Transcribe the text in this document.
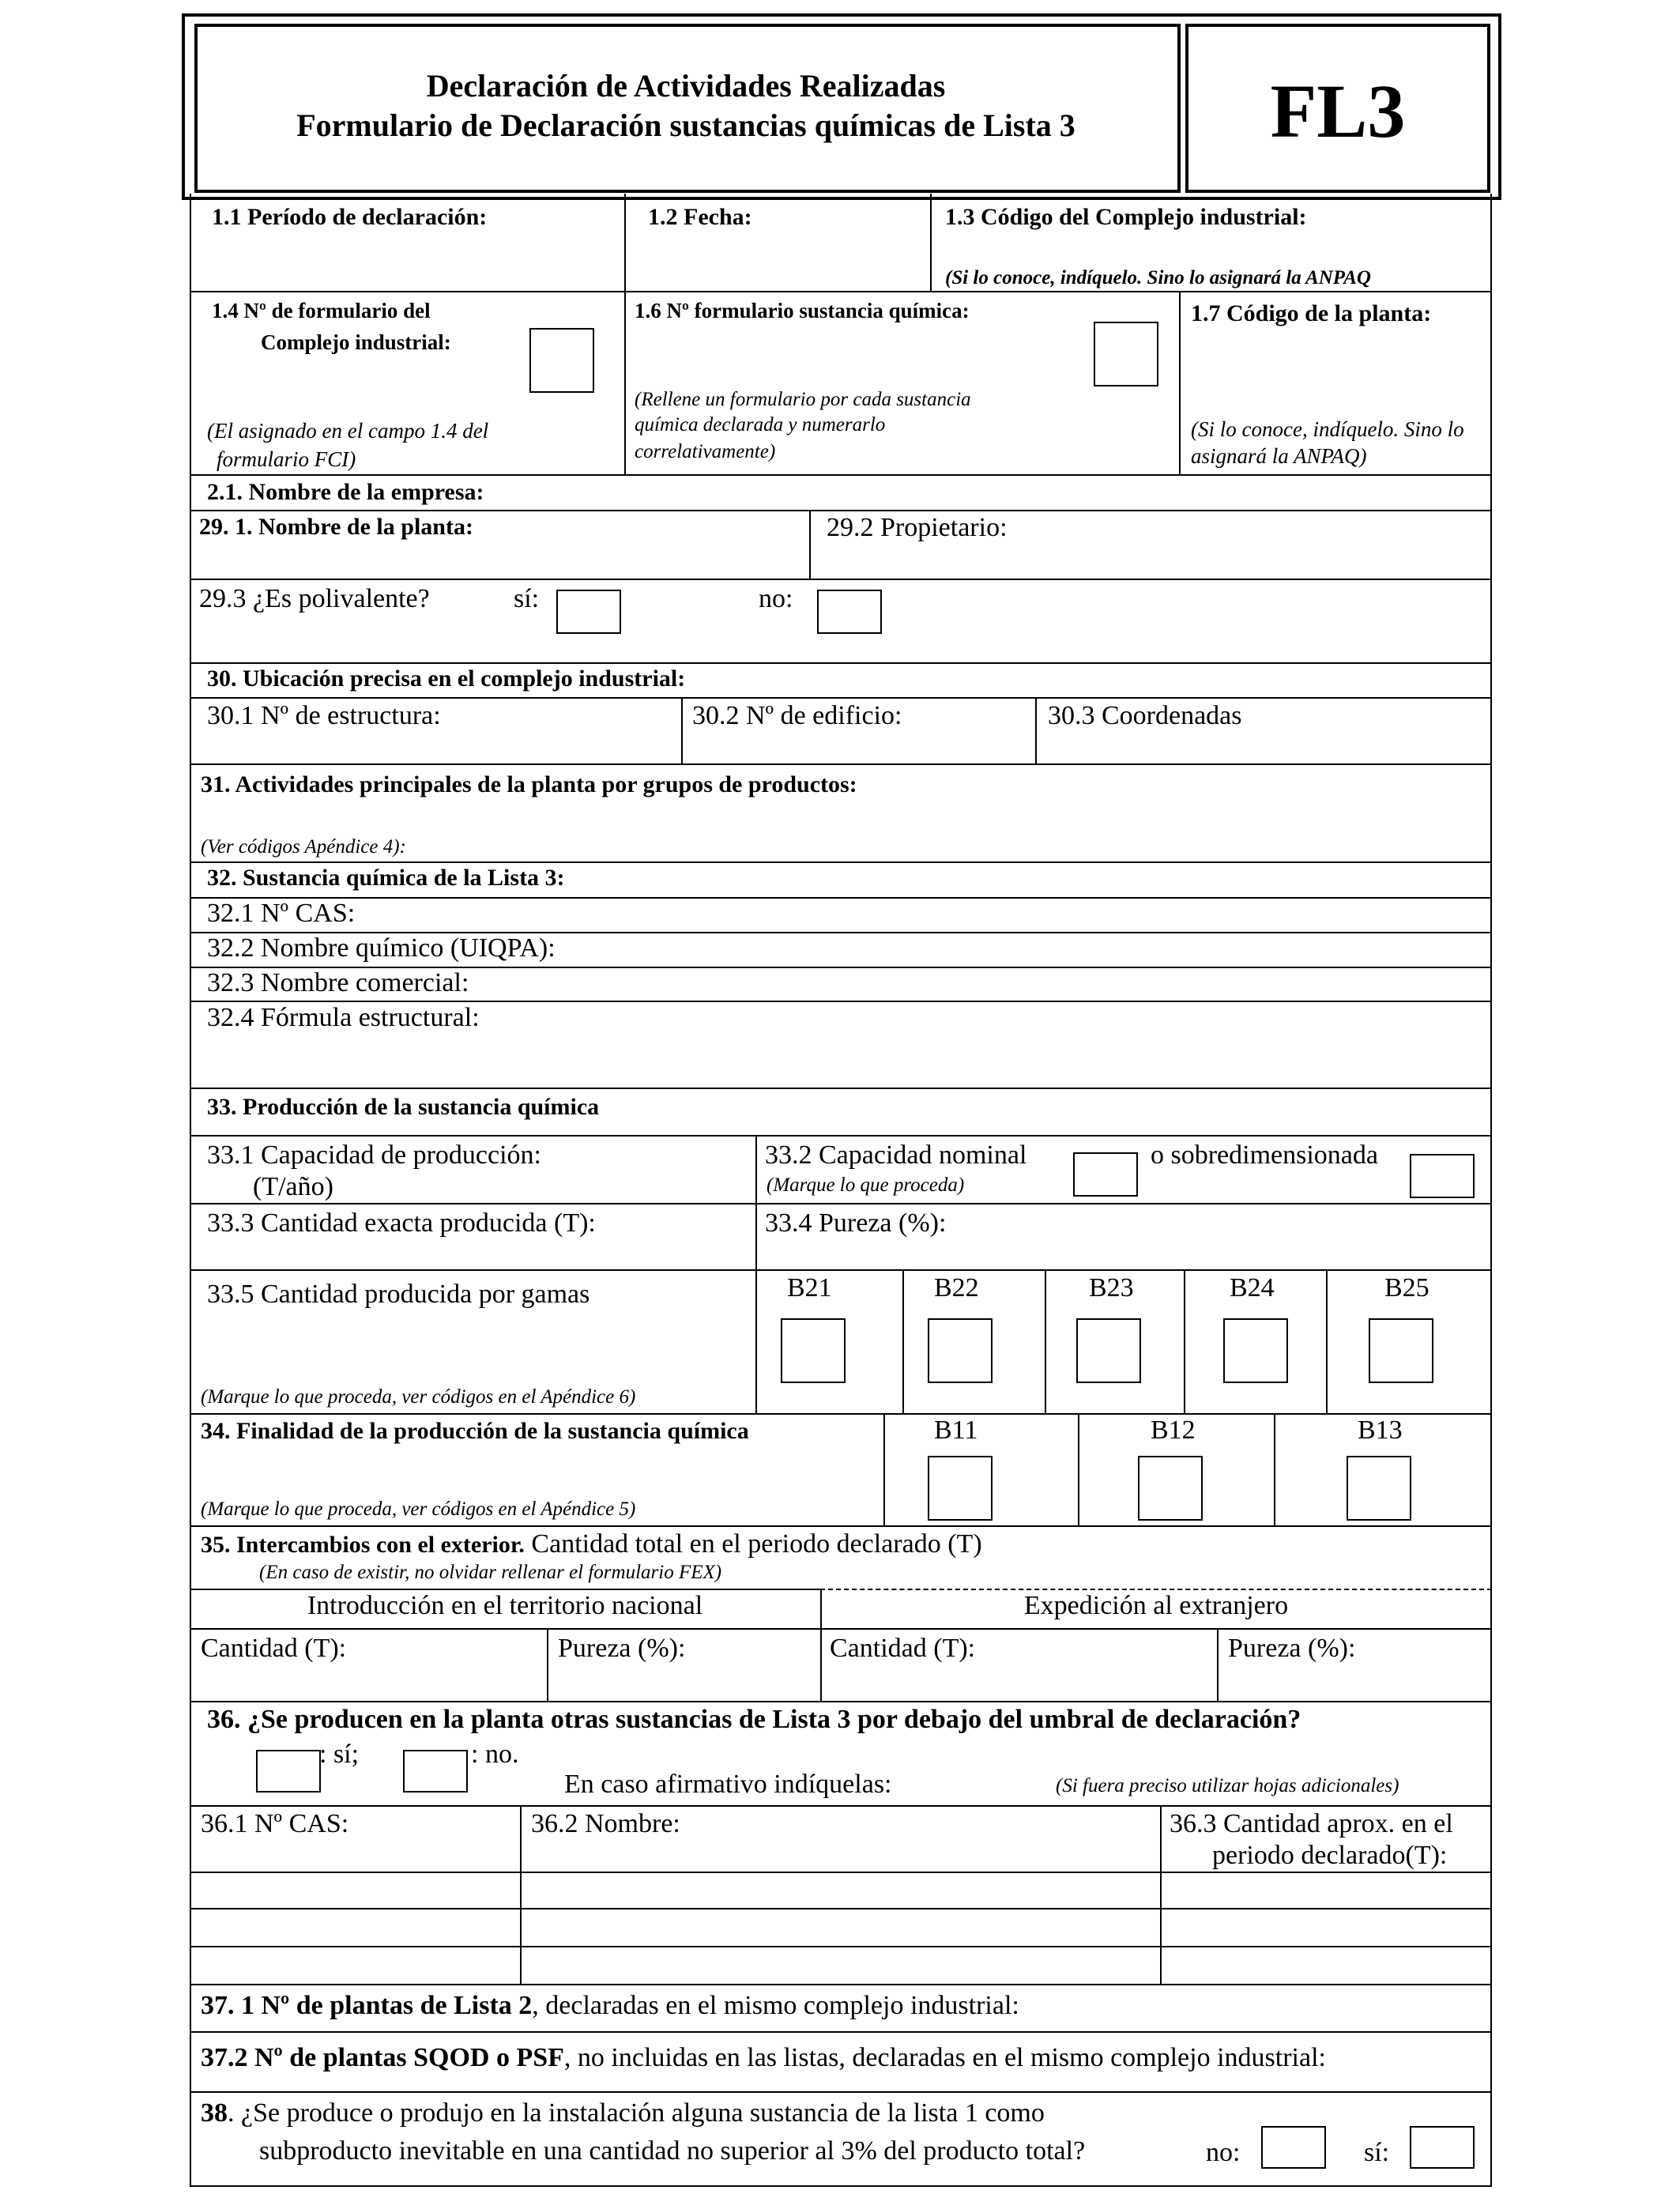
Declaración de Actividades Realizadas
Formulario de Declaración sustancias químicas de Lista 3	FL3
1.1 Período de declaración:	1.2 Fecha:	1.3 Código del Complejo industrial:
(Si lo conoce, indíquelo. Sino lo asignará la ANPAQ
1.4 Nº de formulario del
Complejo industrial:
(El asignado en el campo 1.4 del
formulario FCI)
1.6 Nº formulario sustancia química:
(Rellene un formulario por cada sustancia
química declarada y numerarlo
correlativamente)
1.7 Código de la planta:
(Si lo conoce, indíquelo. Sino lo
asignará la ANPAQ)
2.1. Nombre de la empresa:
29. 1. Nombre de la planta:	29.2 Propietario:
29.3 ¿Es polivalente?	sí:	no:
30. Ubicación precisa en el complejo industrial:
30.1 Nº de estructura:	30.2 Nº de edificio:	30.3 Coordenadas
31. Actividades principales de la planta por grupos de productos:
(Ver códigos Apéndice 4):
32. Sustancia química de la Lista 3:
32.1 Nº CAS:
32.2 Nombre químico (UIQPA):
32.3 Nombre comercial:
32.4 Fórmula estructural:
33. Producción de la sustancia química
33.1 Capacidad de producción:
(T/año)
33.2 Capacidad nominal	o sobredimensionada
(Marque lo que proceda)
33.3 Cantidad exacta producida (T):	33.4 Pureza (%):
33.5 Cantidad producida por gamas
(Marque lo que proceda, ver códigos en el Apéndice 6)
B21	B22	B23	B24	B25
34. Finalidad de la producción de la sustancia química
(Marque lo que proceda, ver códigos en el Apéndice 5)
B11	B12	B13
35. Intercambios con el exterior. Cantidad total en el periodo declarado (T)
(En caso de existir, no olvidar rellenar el formulario FEX)
Introducción en el territorio nacional	Expedición al extranjero
Cantidad (T):	Pureza (%):	Cantidad (T):	Pureza (%):
36. ¿Se producen en la planta otras sustancias de Lista 3 por debajo del umbral de declaración?
: sí;	: no.
En caso afirmativo indíquelas:	(Si fuera preciso utilizar hojas adicionales)
36.1 Nº CAS:	36.2 Nombre:	36.3 Cantidad aprox. en el
periodo declarado(T):
37. 1 Nº de plantas de Lista 2, declaradas en el mismo complejo industrial:
37.2 Nº de plantas SQOD o PSF, no incluidas en las listas, declaradas en el mismo complejo industrial:
38. ¿Se produce o produjo en la instalación alguna sustancia de la lista 1 como
subproducto inevitable en una cantidad no superior al 3% del producto total?	no:	sí:
